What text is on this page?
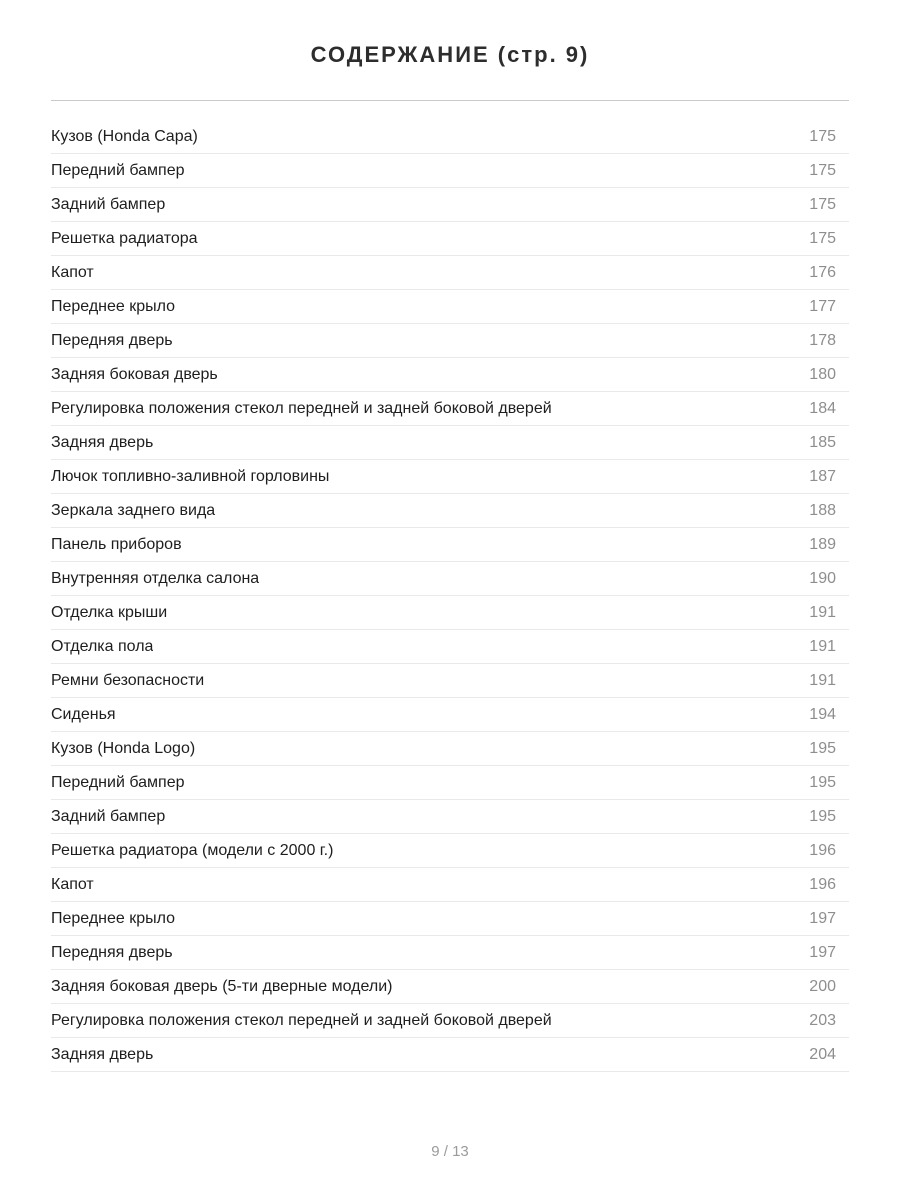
СОДЕРЖАНИЕ (стр. 9)
Кузов (Honda Capa)	175
Передний бампер	175
Задний бампер	175
Решетка радиатора	175
Капот	176
Переднее крыло	177
Передняя дверь	178
Задняя боковая дверь	180
Регулировка положения стекол передней и задней боковой дверей	184
Задняя дверь	185
Лючок топливно-заливной горловины	187
Зеркала заднего вида	188
Панель приборов	189
Внутренняя отделка салона	190
Отделка крыши	191
Отделка пола	191
Ремни безопасности	191
Сиденья	194
Кузов (Honda Logo)	195
Передний бампер	195
Задний бампер	195
Решетка радиатора (модели с 2000 г.)	196
Капот	196
Переднее крыло	197
Передняя дверь	197
Задняя боковая дверь (5-ти дверные модели)	200
Регулировка положения стекол передней и задней боковой дверей	203
Задняя дверь	204
9 / 13
